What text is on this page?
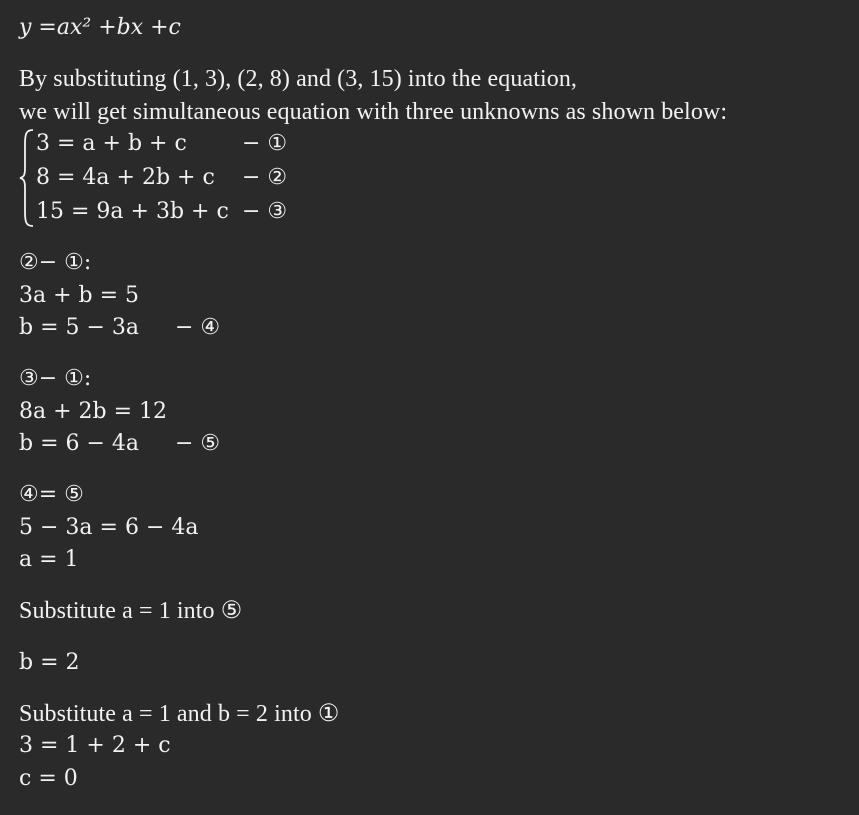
y =ax² +bx +c
By substituting (1, 3), (2, 8) and (3, 15) into the equation,
we will get simultaneous equation with three unknowns as shown below:
3 = a + b + c	− ①
8 = 4a + 2b + c − ②
15 = 9a + 3b + c − ③
②− ①:
3a + b = 5
b = 5 − 3a − ④
③− ①:
8a + 2b = 12
b = 6 − 4a − ⑤
④= ⑤
5 − 3a = 6 − 4a
a = 1
Substitute a = 1 into ⑤
b = 2
Substitute a = 1 and b = 2 into ①
3 = 1 + 2 + c
c = 0
